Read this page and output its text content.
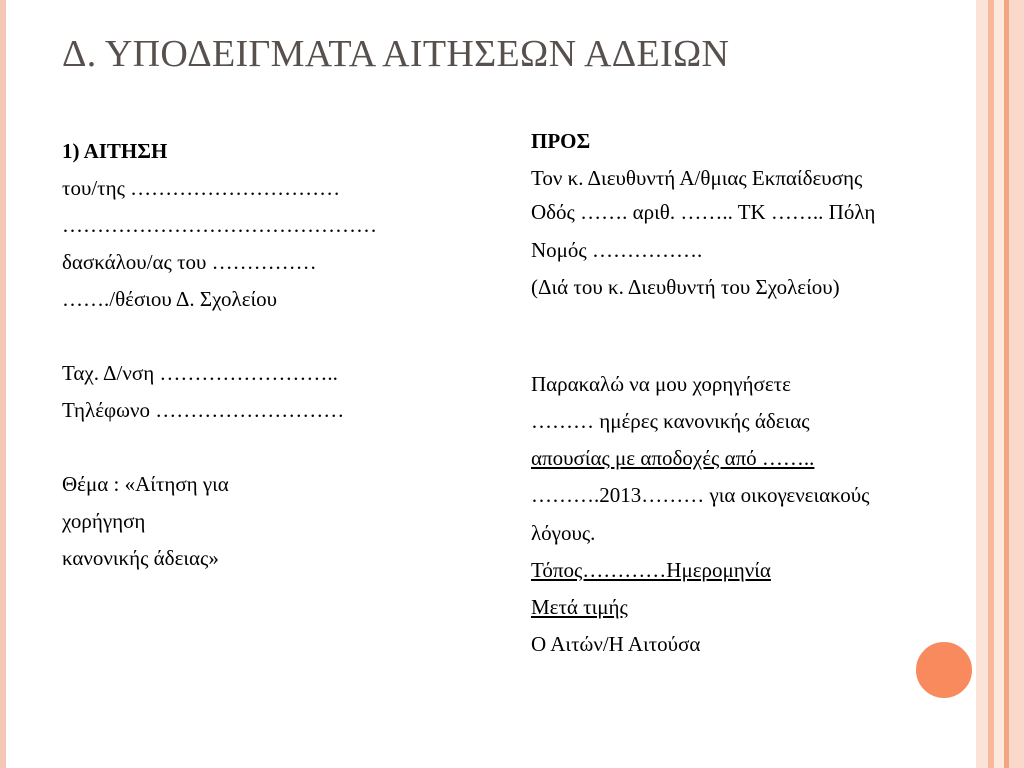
Δ. ΥΠΟΔΕΙΓΜΑΤΑ ΑΙΤΗΣΕΩΝ ΑΔΕΙΩΝ
1) ΑΙΤΗΣΗ
του/της …………………………
………………………………………
δασκάλου/ας του ……………
……./θέσιου Δ. Σχολείου
Ταχ. Δ/νση ……………………..
Τηλέφωνο ………………………
Θέμα : «Αίτηση για
χορήγηση
κανονικής άδειας»
ΠΡΟΣ
Τον κ. Διευθυντή Α/θμιας Εκπαίδευσης
Οδός ……. αριθ. …….. ΤΚ …….. Πόλη
Νομός …………….
(Διά του κ. Διευθυντή του Σχολείου)
Παρακαλώ να μου χορηγήσετε
……… ημέρες κανονικής άδειας
απουσίας με αποδοχές από ……..
……….2013……… για οικογενειακούς
λόγους.
Τόπος…………Ημερομηνία
Μετά τιμής
Ο Αιτών/Η Αιτούσα
